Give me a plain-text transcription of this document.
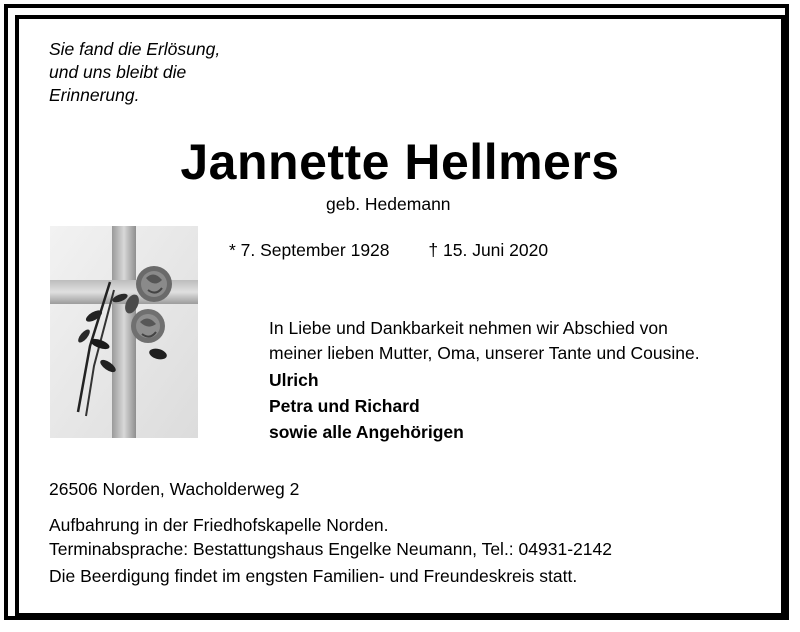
Sie fand die Erlösung,
und uns bleibt die
Erinnerung.
Jannette Hellmers
geb. Hedemann
* 7. September 1928 † 15. Juni 2020
In Liebe und Dankbarkeit nehmen wir Abschied von
meiner lieben Mutter, Oma, unserer Tante und Cousine.
Ulrich
Petra und Richard
sowie alle Angehörigen
26506 Norden, Wacholderweg 2
Aufbahrung in der Friedhofskapelle Norden.
Terminabsprache: Bestattungshaus Engelke Neumann, Tel.: 04931-2142
Die Beerdigung findet im engsten Familien- und Freundeskreis statt.
